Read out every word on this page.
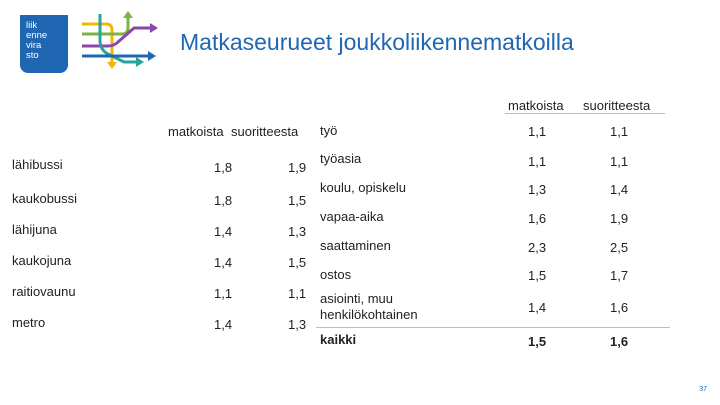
liik
enne
vira
sto
Matkaseurueet joukkoliikennematkoilla
matkoista suoritteesta
lähibussi	1,8	1,9
kaukobussi	1,8	1,5
lähijuna	1,4	1,3
kaukojuna	1,4	1,5
raitiovaunu	1,1	1,1
metro	1,4	1,3
matkoista suoritteesta
työ	1,1	1,1
työasia	1,1	1,1
koulu, opiskelu	1,3	1,4
vapaa-aika	1,6	1,9
saattaminen	2,3	2,5
ostos	1,5	1,7
asiointi, muu
henkilökohtainen	1,4	1,6
kaikki	1,5	1,6
37
